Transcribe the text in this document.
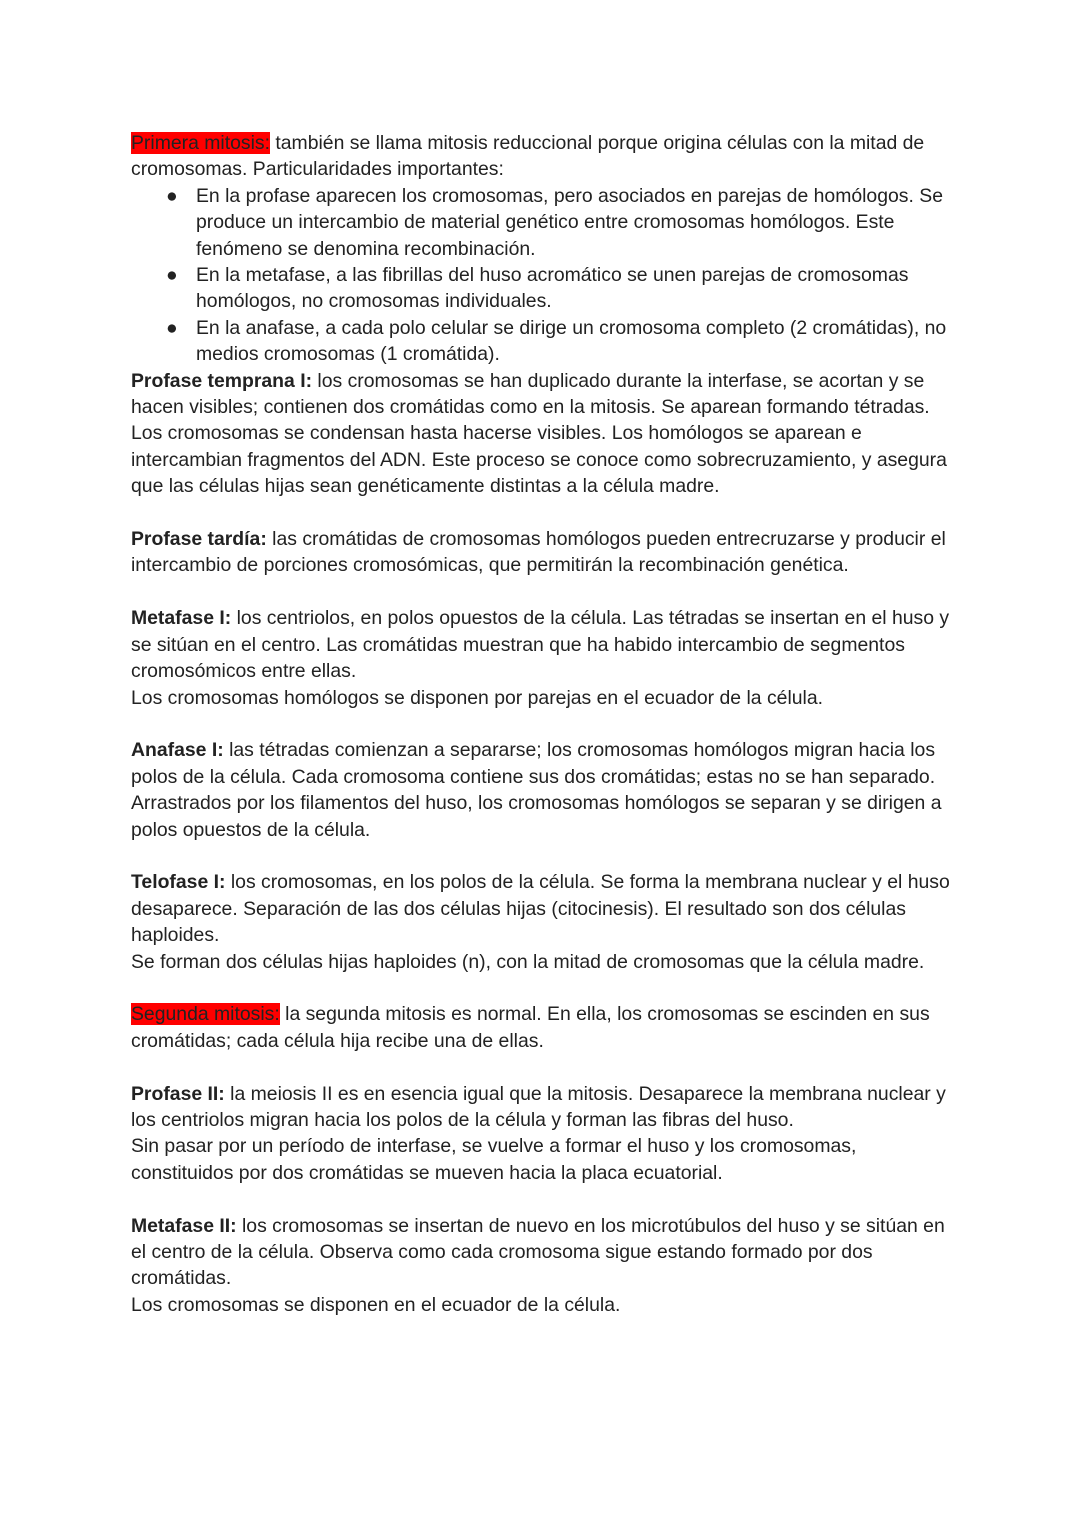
Primera mitosis: también se llama mitosis reduccional porque origina células con la mitad de cromosomas. Particularidades importantes:

● En la profase aparecen los cromosomas, pero asociados en parejas de homólogos. Se produce un intercambio de material genético entre cromosomas homólogos. Este fenómeno se denomina recombinación.
● En la metafase, a las fibrillas del huso acromático se unen parejas de cromosomas homólogos, no cromosomas individuales.
● En la anafase, a cada polo celular se dirige un cromosoma completo (2 cromátidas), no medios cromosomas (1 cromátida).

Profase temprana I: los cromosomas se han duplicado durante la interfase, se acortan y se hacen visibles; contienen dos cromátidas como en la mitosis. Se aparean formando tétradas.

Los cromosomas se condensan hasta hacerse visibles. Los homólogos se aparean e intercambian fragmentos del ADN. Este proceso se conoce como sobrecruzamiento, y asegura que las células hijas sean genéticamente distintas a la célula madre.

Profase tardía: las cromátidas de cromosomas homólogos pueden entrecruzarse y producir el intercambio de porciones cromosómicas, que permitirán la recombinación genética.

Metafase I: los centriolos, en polos opuestos de la célula. Las tétradas se insertan en el huso y se sitúan en el centro. Las cromátidas muestran que ha habido intercambio de segmentos cromosómicos entre ellas.

Los cromosomas homólogos se disponen por parejas en el ecuador de la célula.

Anafase I: las tétradas comienzan a separarse; los cromosomas homólogos migran hacia los polos de la célula. Cada cromosoma contiene sus dos cromátidas; estas no se han separado.

Arrastrados por los filamentos del huso, los cromosomas homólogos se separan y se dirigen a polos opuestos de la célula.

Telofase I: los cromosomas, en los polos de la célula. Se forma la membrana nuclear y el huso desaparece. Separación de las dos células hijas (citocinesis). El resultado son dos células haploides.

Se forman dos células hijas haploides (n), con la mitad de cromosomas que la célula madre.

Segunda mitosis: la segunda mitosis es normal. En ella, los cromosomas se escinden en sus cromátidas; cada célula hija recibe una de ellas.

Profase II: la meiosis II es en esencia igual que la mitosis. Desaparece la membrana nuclear y los centriolos migran hacia los polos de la célula y forman las fibras del huso.

Sin pasar por un período de interfase, se vuelve a formar el huso y los cromosomas, constituidos por dos cromátidas se mueven hacia la placa ecuatorial.

Metafase II: los cromosomas se insertan de nuevo en los microtúbulos del huso y se sitúan en el centro de la célula. Observa como cada cromosoma sigue estando formado por dos cromátidas.

Los cromosomas se disponen en el ecuador de la célula.
